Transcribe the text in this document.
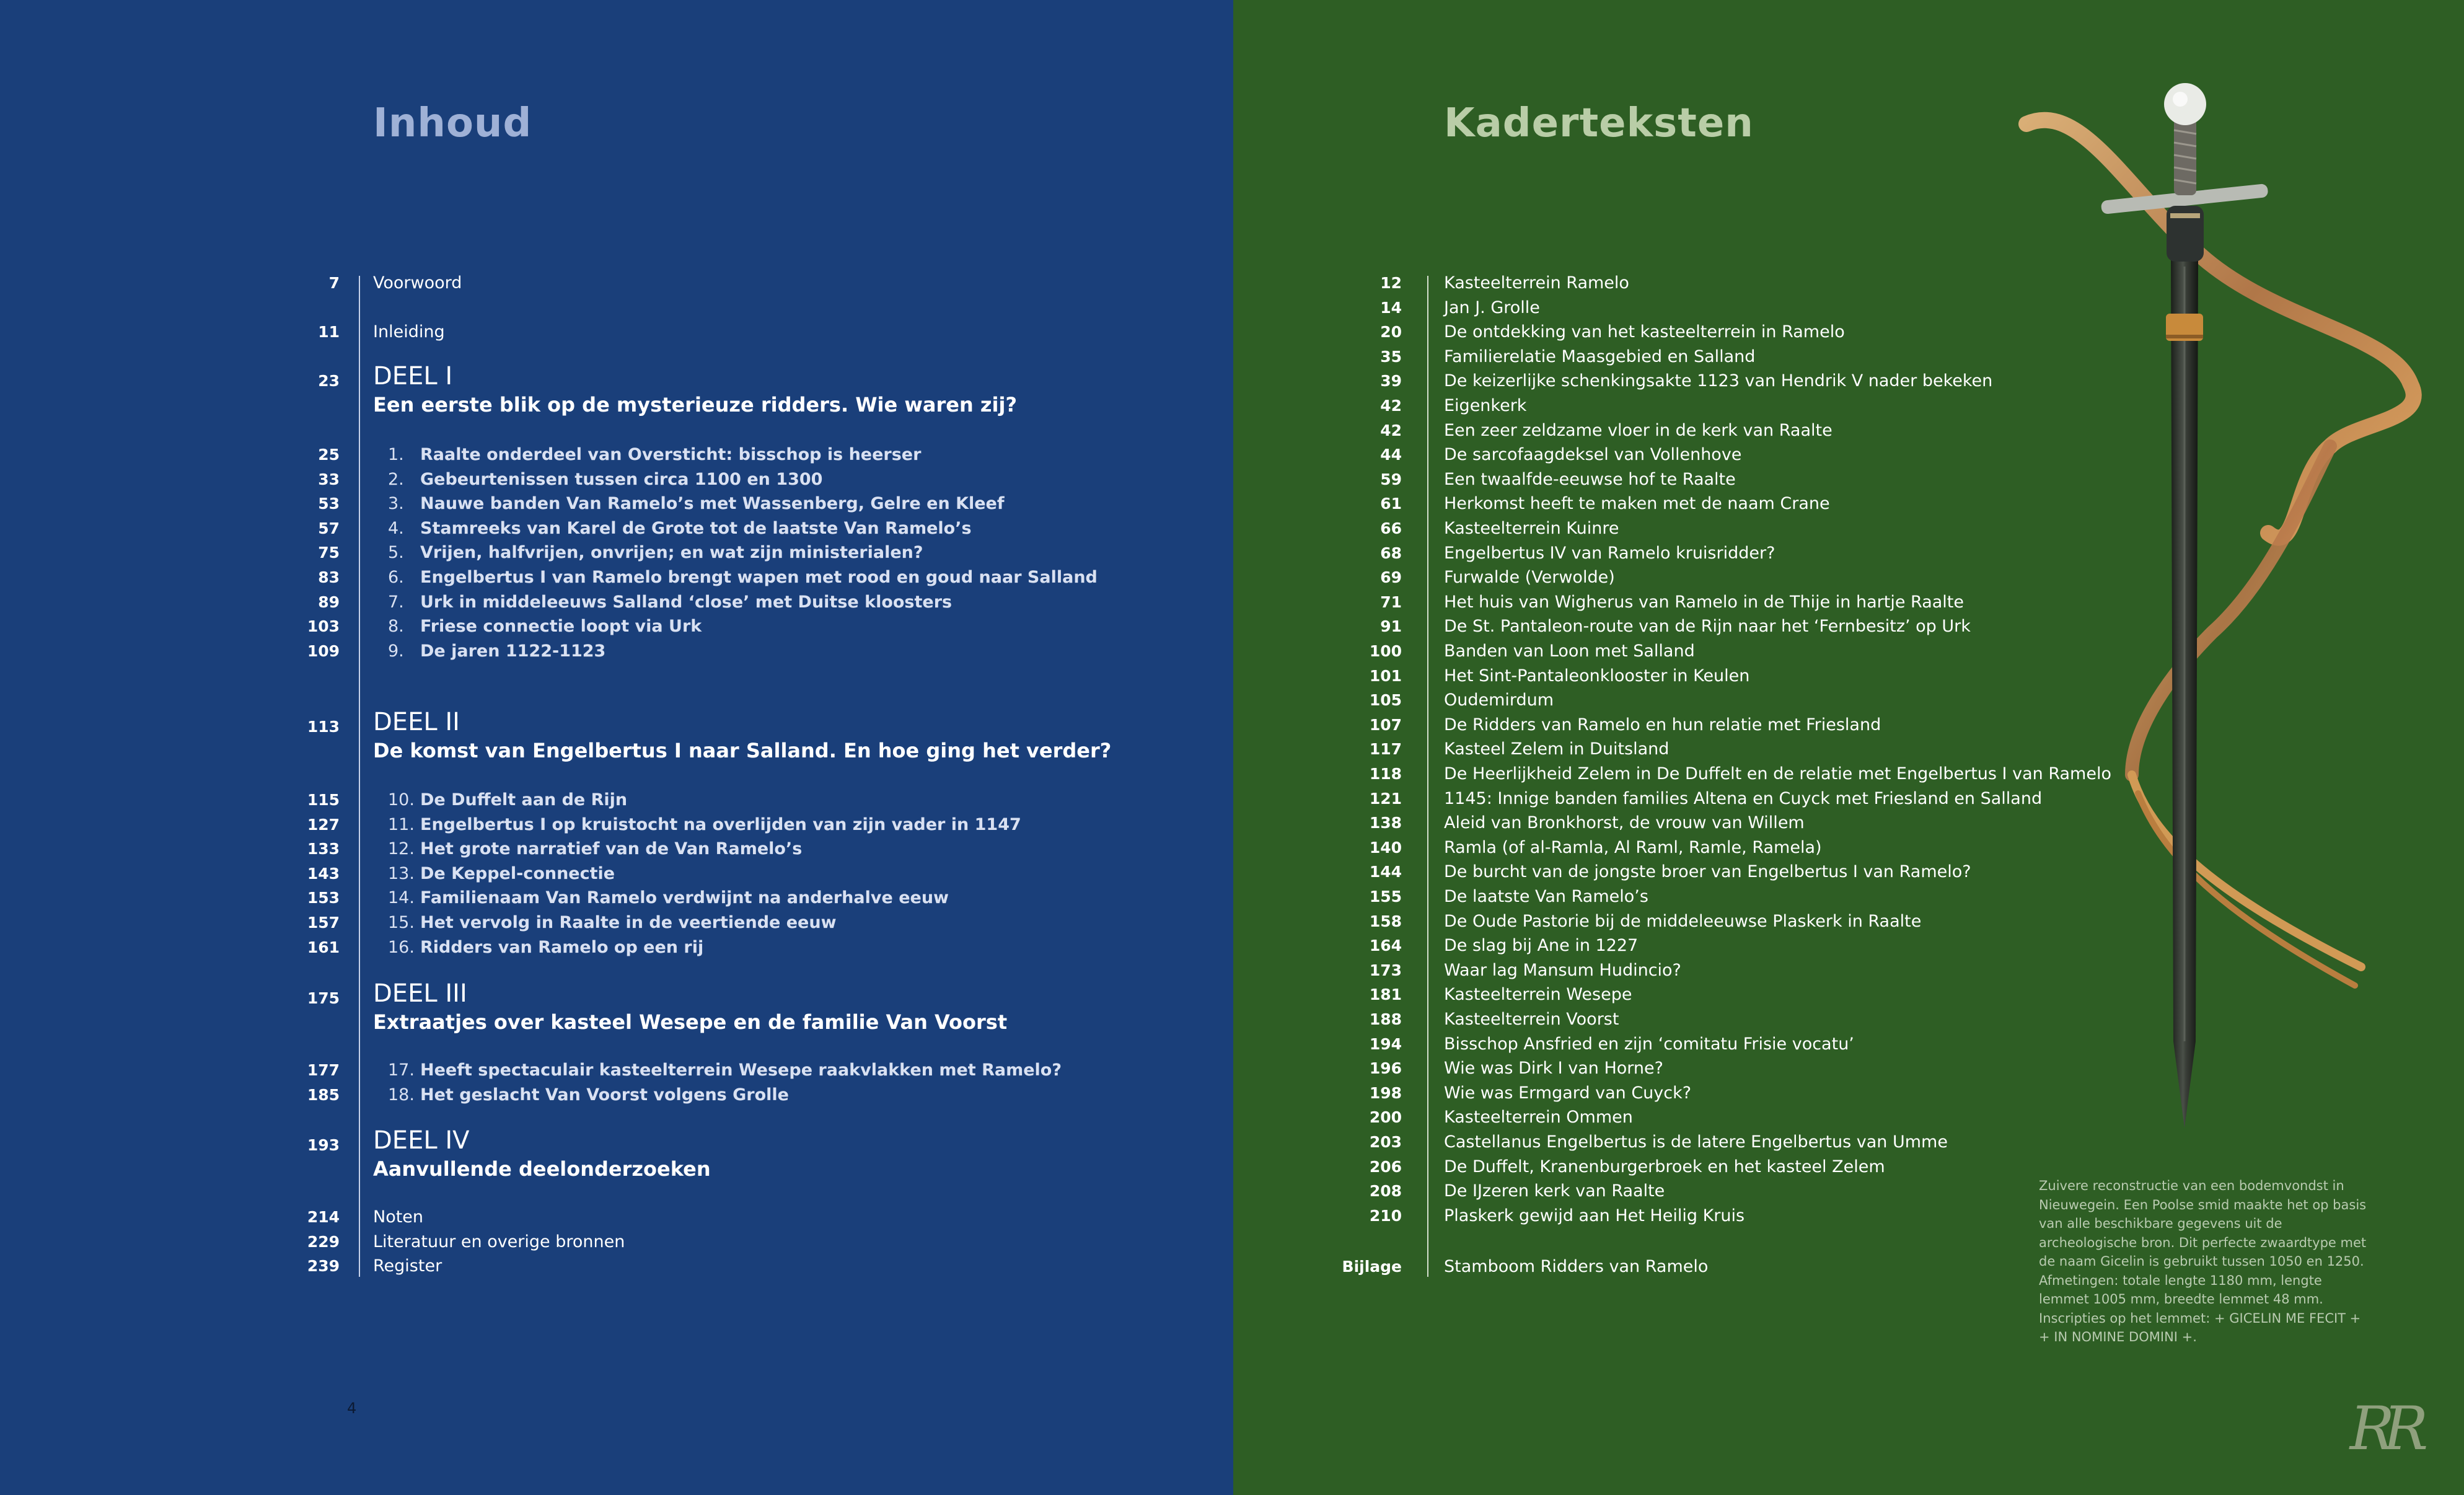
Inhoud
7 Voorwoord
11 Inleiding
23 DEEL I
Een eerste blik op de mysterieuze ridders. Wie waren zij?
25	1. Raalte onderdeel van Oversticht: bisschop is heerser
33	2. Gebeurtenissen tussen circa 1100 en 1300
53	3. Nauwe banden Van Ramelo’s met Wassenberg, Gelre en Kleef
57	4. Stamreeks van Karel de Grote tot de laatste Van Ramelo’s
75	5. Vrijen, halfvrijen, onvrijen; en wat zijn ministerialen?
83	6. Engelbertus I van Ramelo brengt wapen met rood en goud naar Salland
89	7. Urk in middeleeuws Salland ‘close’ met Duitse kloosters
103	8. Friese connectie loopt via Urk
109	9. De jaren 1122-1123
113 DEEL II
De komst van Engelbertus I naar Salland. En hoe ging het verder?
115	10. De Duffelt aan de Rijn
127	11. Engelbertus I op kruistocht na overlijden van zijn vader in 1147
133	12. Het grote narratief van de Van Ramelo’s
143	13. De Keppel-connectie
153	14. Familienaam Van Ramelo verdwijnt na anderhalve eeuw
157	15. Het vervolg in Raalte in de veertiende eeuw
161	16. Ridders van Ramelo op een rij
175 DEEL III
Extraatjes over kasteel Wesepe en de familie Van Voorst
177	17. Heeft spectaculair kasteelterrein Wesepe raakvlakken met Ramelo?
185	18. Het geslacht Van Voorst volgens Grolle
193 DEEL IV
Aanvullende deelonderzoeken
214 Noten
229 Literatuur en overige bronnen
239 Register
4
Kaderteksten
12	Kasteelterrein Ramelo
14	Jan J. Grolle
20	De ontdekking van het kasteelterrein in Ramelo
35	Familierelatie Maasgebied en Salland
39	De keizerlijke schenkingsakte 1123 van Hendrik V nader bekeken
42	Eigenkerk
42	Een zeer zeldzame vloer in de kerk van Raalte
44	De sarcofaagdeksel van Vollenhove
59	Een twaalfde-eeuwse hof te Raalte
61	Herkomst heeft te maken met de naam Crane
66	Kasteelterrein Kuinre
68	Engelbertus IV van Ramelo kruisridder?
69	Furwalde (Verwolde)
71	Het huis van Wigherus van Ramelo in de Thije in hartje Raalte
91	De St. Pantaleon-route van de Rijn naar het ‘Fernbesitz’ op Urk
100	Banden van Loon met Salland
101	Het Sint-Pantaleonklooster in Keulen
105	Oudemirdum
107	De Ridders van Ramelo en hun relatie met Friesland
117	Kasteel Zelem in Duitsland
118	De Heerlijkheid Zelem in De Duffelt en de relatie met Engelbertus I van Ramelo
121	1145: Innige banden families Altena en Cuyck met Friesland en Salland
138	Aleid van Bronkhorst, de vrouw van Willem
140	Ramla (of al-Ramla, Al Raml, Ramle, Ramela)
144	De burcht van de jongste broer van Engelbertus I van Ramelo?
155	De laatste Van Ramelo’s
158	De Oude Pastorie bij de middeleeuwse Plaskerk in Raalte
164	De slag bij Ane in 1227
173	Waar lag Mansum Hudincio?
181	Kasteelterrein Wesepe
188	Kasteelterrein Voorst
194	Bisschop Ansfried en zijn ‘comitatu Frisie vocatu’
196	Wie was Dirk I van Horne?
198	Wie was Ermgard van Cuyck?
200	Kasteelterrein Ommen
203	Castellanus Engelbertus is de latere Engelbertus van Umme
206	De Duffelt, Kranenburgerbroek en het kasteel Zelem
208	De IJzeren kerk van Raalte
210	Plaskerk gewijd aan Het Heilig Kruis
Bijlage	Stamboom Ridders van Ramelo
Zuivere reconstructie van een bodemvondst in Nieuwegein. Een Poolse smid maakte het op basis van alle beschikbare gegevens uit de archeologische bron. Dit perfecte zwaardtype met de naam Gicelin is gebruikt tussen 1050 en 1250. Afmetingen: totale lengte 1180 mm, lengte lemmet 1005 mm, breedte lemmet 48 mm. Inscripties op het lemmet: + GICELIN ME FECIT + + IN NOMINE DOMINI +.
RR
